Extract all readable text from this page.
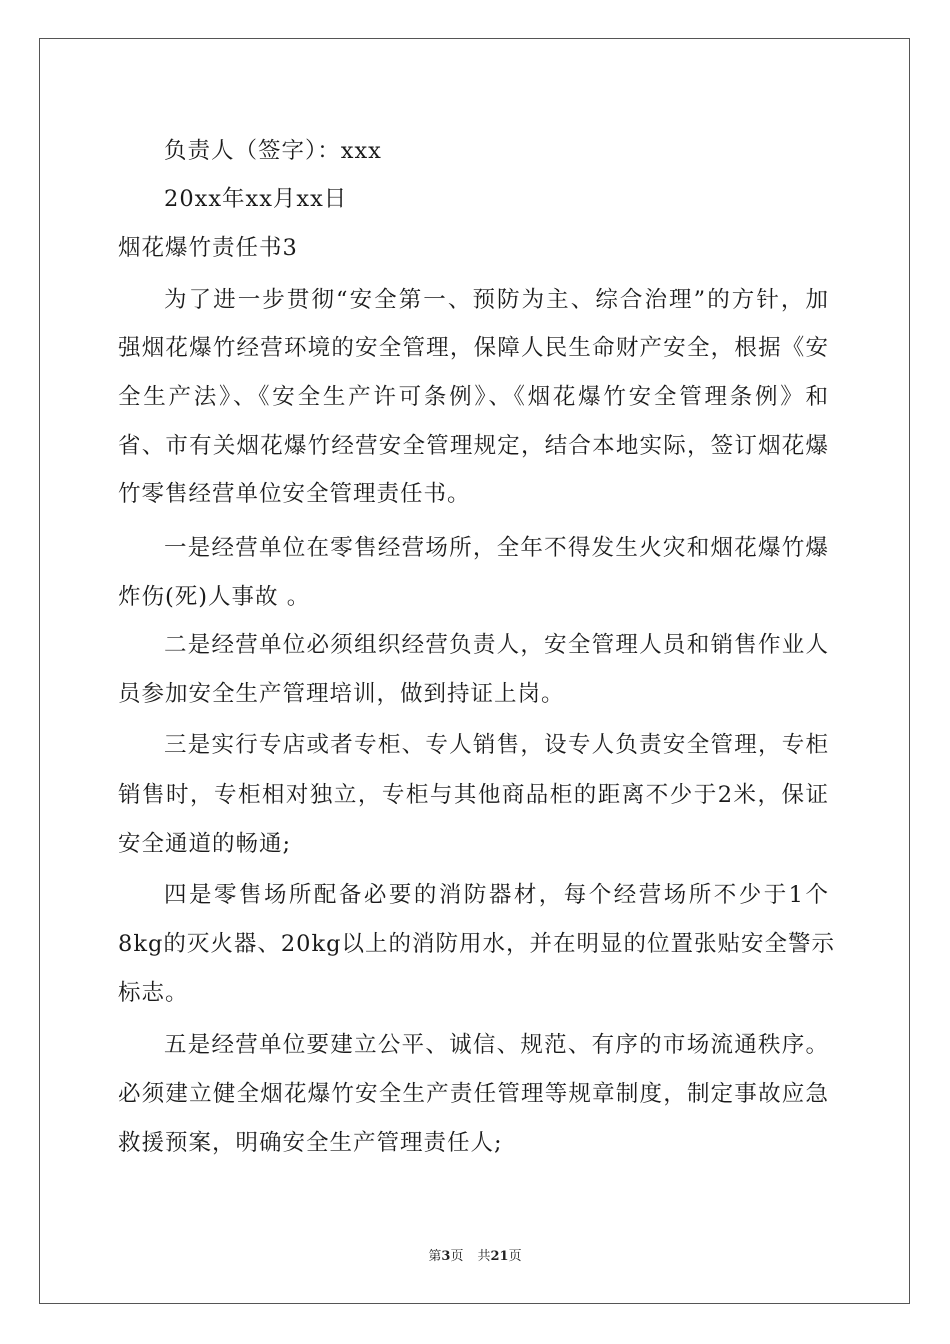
负责人（签字）：xxx
20xx年xx月xx日
烟花爆竹责任书3
为了进一步贯彻“安全第一、预防为主、综合治理”的方针，加
强烟花爆竹经营环境的安全管理，保障人民生命财产安全，根据《安
全生产法》、《安全生产许可条例》、《烟花爆竹安全管理条例》和
省、市有关烟花爆竹经营安全管理规定，结合本地实际，签订烟花爆
竹零售经营单位安全管理责任书。
一是经营单位在零售经营场所，全年不得发生火灾和烟花爆竹爆
炸伤(死)人事故 。
二是经营单位必须组织经营负责人，安全管理人员和销售作业人
员参加安全生产管理培训，做到持证上岗。
三是实行专店或者专柜、专人销售，设专人负责安全管理，专柜
销售时，专柜相对独立，专柜与其他商品柜的距离不少于2米，保证
安全通道的畅通;
四是零售场所配备必要的消防器材，每个经营场所不少于1个
8kg的灭火器、20kg以上的消防用水，并在明显的位置张贴安全警示
标志。
五是经营单位要建立公平、诚信、规范、有序的市场流通秩序。
必须建立健全烟花爆竹安全生产责任管理等规章制度，制定事故应急
救援预案，明确安全生产管理责任人;
第3页 共21页
